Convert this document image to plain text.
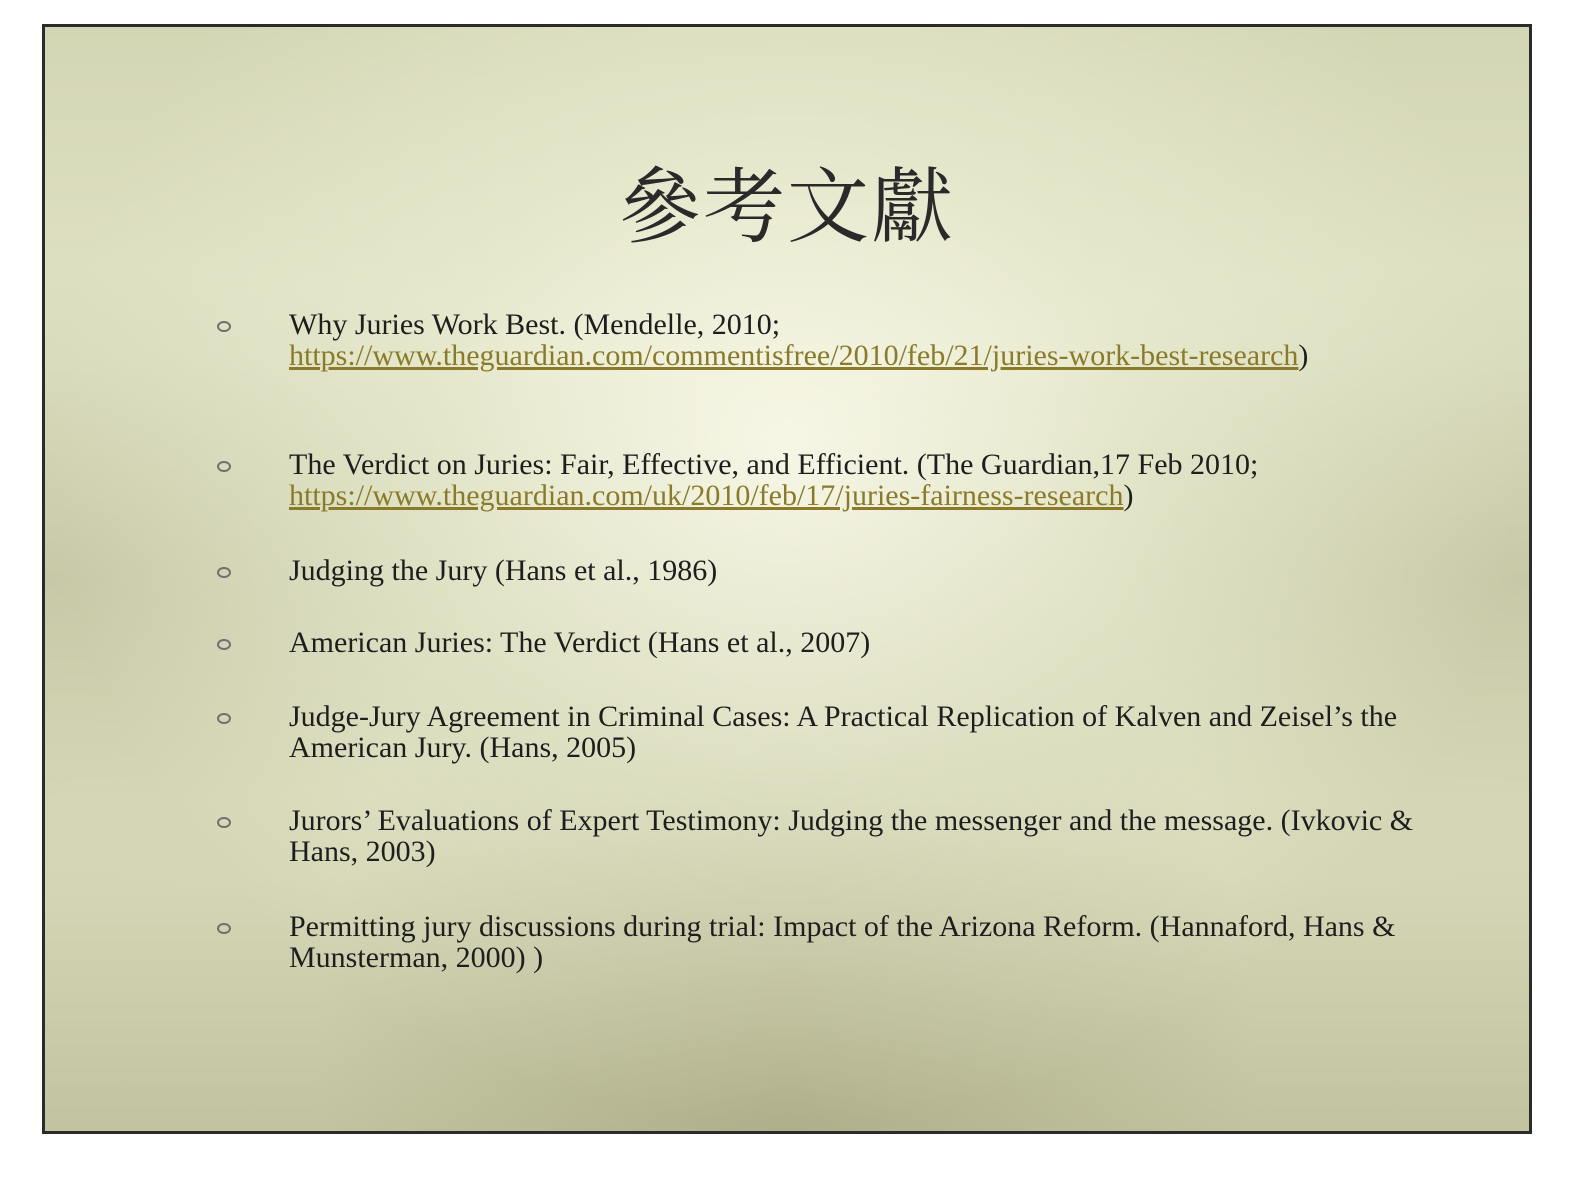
參考文獻
Why Juries Work Best. (Mendelle, 2010;
https://www.theguardian.com/commentisfree/2010/feb/21/juries-work-best-research)
The Verdict on Juries: Fair, Effective, and Efficient. (The Guardian,17 Feb 2010;
https://www.theguardian.com/uk/2010/feb/17/juries-fairness-research)
Judging the Jury (Hans et al., 1986)
American Juries: The Verdict (Hans et al., 2007)
Judge-Jury Agreement in Criminal Cases: A Practical Replication of Kalven and Zeisel’s the American Jury. (Hans, 2005)
Jurors’ Evaluations of Expert Testimony: Judging the messenger and the message. (Ivkovic & Hans, 2003)
Permitting jury discussions during trial: Impact of the Arizona Reform. (Hannaford, Hans & Munsterman, 2000) )
